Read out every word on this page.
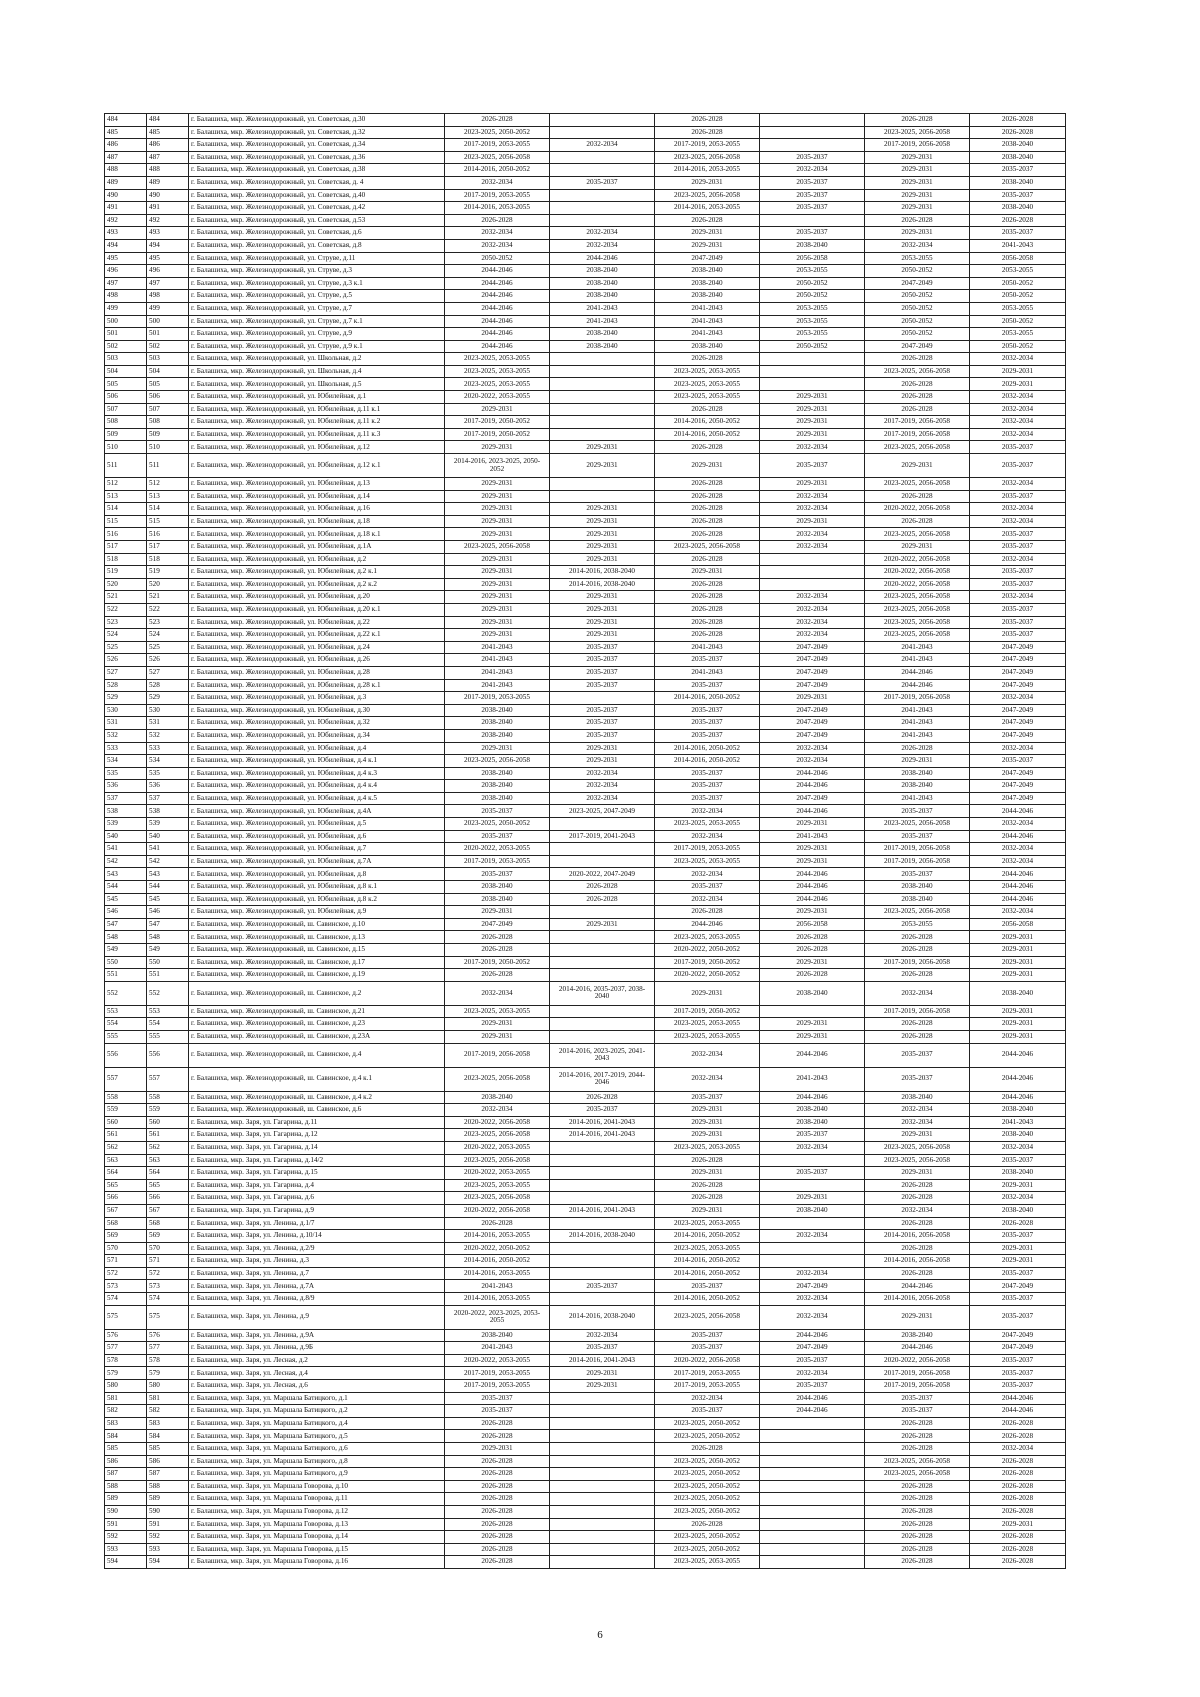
484	484	г. Балашиха, мкр. Железнодорожный, ул. Советская, д.30	2026-2028		2026-2028		2026-2028	2026-2028
485	485	г. Балашиха, мкр. Железнодорожный, ул. Советская, д.32	2023-2025, 2050-2052		2026-2028		2023-2025, 2056-2058	2026-2028
486	486	г. Балашиха, мкр. Железнодорожный, ул. Советская, д.34	2017-2019, 2053-2055	2032-2034	2017-2019, 2053-2055		2017-2019, 2056-2058	2038-2040
487	487	г. Балашиха, мкр. Железнодорожный, ул. Советская, д.36	2023-2025, 2056-2058		2023-2025, 2056-2058	2035-2037	2029-2031	2038-2040
488	488	г. Балашиха, мкр. Железнодорожный, ул. Советская, д.38	2014-2016, 2050-2052		2014-2016, 2053-2055	2032-2034	2029-2031	2035-2037
489	489	г. Балашиха, мкр. Железнодорожный, ул. Советская, д. 4	2032-2034	2035-2037	2029-2031	2035-2037	2029-2031	2038-2040
490	490	г. Балашиха, мкр. Железнодорожный, ул. Советская, д.40	2017-2019, 2053-2055		2023-2025, 2056-2058	2035-2037	2029-2031	2035-2037
491	491	г. Балашиха, мкр. Железнодорожный, ул. Советская, д.42	2014-2016, 2053-2055		2014-2016, 2053-2055	2035-2037	2029-2031	2038-2040
492	492	г. Балашиха, мкр. Железнодорожный, ул. Советская, д.53	2026-2028		2026-2028		2026-2028	2026-2028
493	493	г. Балашиха, мкр. Железнодорожный, ул. Советская, д.6	2032-2034	2032-2034	2029-2031	2035-2037	2029-2031	2035-2037
494	494	г. Балашиха, мкр. Железнодорожный, ул. Советская, д.8	2032-2034	2032-2034	2029-2031	2038-2040	2032-2034	2041-2043
495	495	г. Балашиха, мкр. Железнодорожный, ул. Струве, д.11	2050-2052	2044-2046	2047-2049	2056-2058	2053-2055	2056-2058
496	496	г. Балашиха, мкр. Железнодорожный, ул. Струве, д.3	2044-2046	2038-2040	2038-2040	2053-2055	2050-2052	2053-2055
497	497	г. Балашиха, мкр. Железнодорожный, ул. Струве, д.3 к.1	2044-2046	2038-2040	2038-2040	2050-2052	2047-2049	2050-2052
498	498	г. Балашиха, мкр. Железнодорожный, ул. Струве, д.5	2044-2046	2038-2040	2038-2040	2050-2052	2050-2052	2050-2052
499	499	г. Балашиха, мкр. Железнодорожный, ул. Струве, д.7	2044-2046	2041-2043	2041-2043	2053-2055	2050-2052	2053-2055
500	500	г. Балашиха, мкр. Железнодорожный, ул. Струве, д.7 к.1	2044-2046	2041-2043	2041-2043	2053-2055	2050-2052	2050-2052
501	501	г. Балашиха, мкр. Железнодорожный, ул. Струве, д.9	2044-2046	2038-2040	2041-2043	2053-2055	2050-2052	2053-2055
502	502	г. Балашиха, мкр. Железнодорожный, ул. Струве, д.9 к.1	2044-2046	2038-2040	2038-2040	2050-2052	2047-2049	2050-2052
503	503	г. Балашиха, мкр. Железнодорожный, ул. Школьная, д.2	2023-2025, 2053-2055		2026-2028		2026-2028	2032-2034
504	504	г. Балашиха, мкр. Железнодорожный, ул. Школьная, д.4	2023-2025, 2053-2055		2023-2025, 2053-2055		2023-2025, 2056-2058	2029-2031
505	505	г. Балашиха, мкр. Железнодорожный, ул. Школьная, д.5	2023-2025, 2053-2055		2023-2025, 2053-2055		2026-2028	2029-2031
506	506	г. Балашиха, мкр. Железнодорожный, ул. Юбилейная, д.1	2020-2022, 2053-2055		2023-2025, 2053-2055	2029-2031	2026-2028	2032-2034
507	507	г. Балашиха, мкр. Железнодорожный, ул. Юбилейная, д.11 к.1	2029-2031		2026-2028	2029-2031	2026-2028	2032-2034
508	508	г. Балашиха, мкр. Железнодорожный, ул. Юбилейная, д.11 к.2	2017-2019, 2050-2052		2014-2016, 2050-2052	2029-2031	2017-2019, 2056-2058	2032-2034
509	509	г. Балашиха, мкр. Железнодорожный, ул. Юбилейная, д.11 к.3	2017-2019, 2050-2052		2014-2016, 2050-2052	2029-2031	2017-2019, 2056-2058	2032-2034
510	510	г. Балашиха, мкр. Железнодорожный, ул. Юбилейная, д.12	2029-2031	2029-2031	2026-2028	2032-2034	2023-2025, 2056-2058	2035-2037
511	511	г. Балашиха, мкр. Железнодорожный, ул. Юбилейная, д.12 к.1	2014-2016, 2023-2025, 2050-2052	2029-2031	2029-2031	2035-2037	2029-2031	2035-2037
512	512	г. Балашиха, мкр. Железнодорожный, ул. Юбилейная, д.13	2029-2031		2026-2028	2029-2031	2023-2025, 2056-2058	2032-2034
513	513	г. Балашиха, мкр. Железнодорожный, ул. Юбилейная, д.14	2029-2031		2026-2028	2032-2034	2026-2028	2035-2037
514	514	г. Балашиха, мкр. Железнодорожный, ул. Юбилейная, д.16	2029-2031	2029-2031	2026-2028	2032-2034	2020-2022, 2056-2058	2032-2034
515	515	г. Балашиха, мкр. Железнодорожный, ул. Юбилейная, д.18	2029-2031	2029-2031	2026-2028	2029-2031	2026-2028	2032-2034
516	516	г. Балашиха, мкр. Железнодорожный, ул. Юбилейная, д.18 к.1	2029-2031	2029-2031	2026-2028	2032-2034	2023-2025, 2056-2058	2035-2037
517	517	г. Балашиха, мкр. Железнодорожный, ул. Юбилейная, д.1А	2023-2025, 2056-2058	2029-2031	2023-2025, 2056-2058	2032-2034	2029-2031	2035-2037
518	518	г. Балашиха, мкр. Железнодорожный, ул. Юбилейная, д.2	2029-2031	2029-2031	2026-2028		2020-2022, 2056-2058	2032-2034
519	519	г. Балашиха, мкр. Железнодорожный, ул. Юбилейная, д.2 к.1	2029-2031	2014-2016, 2038-2040	2029-2031		2020-2022, 2056-2058	2035-2037
520	520	г. Балашиха, мкр. Железнодорожный, ул. Юбилейная, д.2 к.2	2029-2031	2014-2016, 2038-2040	2026-2028		2020-2022, 2056-2058	2035-2037
521	521	г. Балашиха, мкр. Железнодорожный, ул. Юбилейная, д.20	2029-2031	2029-2031	2026-2028	2032-2034	2023-2025, 2056-2058	2032-2034
522	522	г. Балашиха, мкр. Железнодорожный, ул. Юбилейная, д.20 к.1	2029-2031	2029-2031	2026-2028	2032-2034	2023-2025, 2056-2058	2035-2037
523	523	г. Балашиха, мкр. Железнодорожный, ул. Юбилейная, д.22	2029-2031	2029-2031	2026-2028	2032-2034	2023-2025, 2056-2058	2035-2037
524	524	г. Балашиха, мкр. Железнодорожный, ул. Юбилейная, д.22 к.1	2029-2031	2029-2031	2026-2028	2032-2034	2023-2025, 2056-2058	2035-2037
525	525	г. Балашиха, мкр. Железнодорожный, ул. Юбилейная, д.24	2041-2043	2035-2037	2041-2043	2047-2049	2041-2043	2047-2049
526	526	г. Балашиха, мкр. Железнодорожный, ул. Юбилейная, д.26	2041-2043	2035-2037	2035-2037	2047-2049	2041-2043	2047-2049
527	527	г. Балашиха, мкр. Железнодорожный, ул. Юбилейная, д.28	2041-2043	2035-2037	2041-2043	2047-2049	2044-2046	2047-2049
528	528	г. Балашиха, мкр. Железнодорожный, ул. Юбилейная, д.28 к.1	2041-2043	2035-2037	2035-2037	2047-2049	2044-2046	2047-2049
529	529	г. Балашиха, мкр. Железнодорожный, ул. Юбилейная, д.3	2017-2019, 2053-2055		2014-2016, 2050-2052	2029-2031	2017-2019, 2056-2058	2032-2034
530	530	г. Балашиха, мкр. Железнодорожный, ул. Юбилейная, д.30	2038-2040	2035-2037	2035-2037	2047-2049	2041-2043	2047-2049
531	531	г. Балашиха, мкр. Железнодорожный, ул. Юбилейная, д.32	2038-2040	2035-2037	2035-2037	2047-2049	2041-2043	2047-2049
532	532	г. Балашиха, мкр. Железнодорожный, ул. Юбилейная, д.34	2038-2040	2035-2037	2035-2037	2047-2049	2041-2043	2047-2049
533	533	г. Балашиха, мкр. Железнодорожный, ул. Юбилейная, д.4	2029-2031	2029-2031	2014-2016, 2050-2052	2032-2034	2026-2028	2032-2034
534	534	г. Балашиха, мкр. Железнодорожный, ул. Юбилейная, д.4 к.1	2023-2025, 2056-2058	2029-2031	2014-2016, 2050-2052	2032-2034	2029-2031	2035-2037
535	535	г. Балашиха, мкр. Железнодорожный, ул. Юбилейная, д.4 к.3	2038-2040	2032-2034	2035-2037	2044-2046	2038-2040	2047-2049
536	536	г. Балашиха, мкр. Железнодорожный, ул. Юбилейная, д.4 к.4	2038-2040	2032-2034	2035-2037	2044-2046	2038-2040	2047-2049
537	537	г. Балашиха, мкр. Железнодорожный, ул. Юбилейная, д.4 к.5	2038-2040	2032-2034	2035-2037	2047-2049	2041-2043	2047-2049
538	538	г. Балашиха, мкр. Железнодорожный, ул. Юбилейная, д.4А	2035-2037	2023-2025, 2047-2049	2032-2034	2044-2046	2035-2037	2044-2046
539	539	г. Балашиха, мкр. Железнодорожный, ул. Юбилейная, д.5	2023-2025, 2050-2052		2023-2025, 2053-2055	2029-2031	2023-2025, 2056-2058	2032-2034
540	540	г. Балашиха, мкр. Железнодорожный, ул. Юбилейная, д.6	2035-2037	2017-2019, 2041-2043	2032-2034	2041-2043	2035-2037	2044-2046
541	541	г. Балашиха, мкр. Железнодорожный, ул. Юбилейная, д.7	2020-2022, 2053-2055		2017-2019, 2053-2055	2029-2031	2017-2019, 2056-2058	2032-2034
542	542	г. Балашиха, мкр. Железнодорожный, ул. Юбилейная, д.7А	2017-2019, 2053-2055		2023-2025, 2053-2055	2029-2031	2017-2019, 2056-2058	2032-2034
543	543	г. Балашиха, мкр. Железнодорожный, ул. Юбилейная, д.8	2035-2037	2020-2022, 2047-2049	2032-2034	2044-2046	2035-2037	2044-2046
544	544	г. Балашиха, мкр. Железнодорожный, ул. Юбилейная, д.8 к.1	2038-2040	2026-2028	2035-2037	2044-2046	2038-2040	2044-2046
545	545	г. Балашиха, мкр. Железнодорожный, ул. Юбилейная, д.8 к.2	2038-2040	2026-2028	2032-2034	2044-2046	2038-2040	2044-2046
546	546	г. Балашиха, мкр. Железнодорожный, ул. Юбилейная, д.9	2029-2031		2026-2028	2029-2031	2023-2025, 2056-2058	2032-2034
547	547	г. Балашиха, мкр. Железнодорожный, ш. Савинское, д.10	2047-2049	2029-2031	2044-2046	2056-2058	2053-2055	2056-2058
548	548	г. Балашиха, мкр. Железнодорожный, ш. Савинское, д.13	2026-2028		2023-2025, 2053-2055	2026-2028	2026-2028	2029-2031
549	549	г. Балашиха, мкр. Железнодорожный, ш. Савинское, д.15	2026-2028		2020-2022, 2050-2052	2026-2028	2026-2028	2029-2031
550	550	г. Балашиха, мкр. Железнодорожный, ш. Савинское, д.17	2017-2019, 2050-2052		2017-2019, 2050-2052	2029-2031	2017-2019, 2056-2058	2029-2031
551	551	г. Балашиха, мкр. Железнодорожный, ш. Савинское, д.19	2026-2028		2020-2022, 2050-2052	2026-2028	2026-2028	2029-2031
552	552	г. Балашиха, мкр. Железнодорожный, ш. Савинское, д.2	2032-2034	2014-2016, 2035-2037, 2038-2040	2029-2031	2038-2040	2032-2034	2038-2040
553	553	г. Балашиха, мкр. Железнодорожный, ш. Савинское, д.21	2023-2025, 2053-2055		2017-2019, 2050-2052		2017-2019, 2056-2058	2029-2031
554	554	г. Балашиха, мкр. Железнодорожный, ш. Савинское, д.23	2029-2031		2023-2025, 2053-2055	2029-2031	2026-2028	2029-2031
555	555	г. Балашиха, мкр. Железнодорожный, ш. Савинское, д.23А	2029-2031		2023-2025, 2053-2055	2029-2031	2026-2028	2029-2031
556	556	г. Балашиха, мкр. Железнодорожный, ш. Савинское, д.4	2017-2019, 2056-2058	2014-2016, 2023-2025, 2041-2043	2032-2034	2044-2046	2035-2037	2044-2046
557	557	г. Балашиха, мкр. Железнодорожный, ш. Савинское, д.4 к.1	2023-2025, 2056-2058	2014-2016, 2017-2019, 2044-2046	2032-2034	2041-2043	2035-2037	2044-2046
558	558	г. Балашиха, мкр. Железнодорожный, ш. Савинское, д.4 к.2	2038-2040	2026-2028	2035-2037	2044-2046	2038-2040	2044-2046
559	559	г. Балашиха, мкр. Железнодорожный, ш. Савинское, д.6	2032-2034	2035-2037	2029-2031	2038-2040	2032-2034	2038-2040
560	560	г. Балашиха, мкр. Заря, ул. Гагарина, д.11	2020-2022, 2056-2058	2014-2016, 2041-2043	2029-2031	2038-2040	2032-2034	2041-2043
561	561	г. Балашиха, мкр. Заря, ул. Гагарина, д.12	2023-2025, 2056-2058	2014-2016, 2041-2043	2029-2031	2035-2037	2029-2031	2038-2040
562	562	г. Балашиха, мкр. Заря, ул. Гагарина, д.14	2020-2022, 2053-2055		2023-2025, 2053-2055	2032-2034	2023-2025, 2056-2058	2032-2034
563	563	г. Балашиха, мкр. Заря, ул. Гагарина, д.14/2	2023-2025, 2056-2058		2026-2028		2023-2025, 2056-2058	2035-2037
564	564	г. Балашиха, мкр. Заря, ул. Гагарина, д.15	2020-2022, 2053-2055		2029-2031	2035-2037	2029-2031	2038-2040
565	565	г. Балашиха, мкр. Заря, ул. Гагарина, д.4	2023-2025, 2053-2055		2026-2028		2026-2028	2029-2031
566	566	г. Балашиха, мкр. Заря, ул. Гагарина, д.6	2023-2025, 2056-2058		2026-2028	2029-2031	2026-2028	2032-2034
567	567	г. Балашиха, мкр. Заря, ул. Гагарина, д.9	2020-2022, 2056-2058	2014-2016, 2041-2043	2029-2031	2038-2040	2032-2034	2038-2040
568	568	г. Балашиха, мкр. Заря, ул. Ленина, д.1/7	2026-2028		2023-2025, 2053-2055		2026-2028	2026-2028
569	569	г. Балашиха, мкр. Заря, ул. Ленина, д.10/14	2014-2016, 2053-2055	2014-2016, 2038-2040	2014-2016, 2050-2052	2032-2034	2014-2016, 2056-2058	2035-2037
570	570	г. Балашиха, мкр. Заря, ул. Ленина, д.2/9	2020-2022, 2050-2052		2023-2025, 2053-2055		2026-2028	2029-2031
571	571	г. Балашиха, мкр. Заря, ул. Ленина, д.3	2014-2016, 2050-2052		2014-2016, 2050-2052		2014-2016, 2056-2058	2029-2031
572	572	г. Балашиха, мкр. Заря, ул. Ленина, д.7	2014-2016, 2053-2055		2014-2016, 2050-2052	2032-2034	2026-2028	2035-2037
573	573	г. Балашиха, мкр. Заря, ул. Ленина, д.7А	2041-2043	2035-2037	2035-2037	2047-2049	2044-2046	2047-2049
574	574	г. Балашиха, мкр. Заря, ул. Ленина, д.8/9	2014-2016, 2053-2055		2014-2016, 2050-2052	2032-2034	2014-2016, 2056-2058	2035-2037
575	575	г. Балашиха, мкр. Заря, ул. Ленина, д.9	2020-2022, 2023-2025, 2053-2055	2014-2016, 2038-2040	2023-2025, 2056-2058	2032-2034	2029-2031	2035-2037
576	576	г. Балашиха, мкр. Заря, ул. Ленина, д.9А	2038-2040	2032-2034	2035-2037	2044-2046	2038-2040	2047-2049
577	577	г. Балашиха, мкр. Заря, ул. Ленина, д.9Б	2041-2043	2035-2037	2035-2037	2047-2049	2044-2046	2047-2049
578	578	г. Балашиха, мкр. Заря, ул. Лесная, д.2	2020-2022, 2053-2055	2014-2016, 2041-2043	2020-2022, 2056-2058	2035-2037	2020-2022, 2056-2058	2035-2037
579	579	г. Балашиха, мкр. Заря, ул. Лесная, д.4	2017-2019, 2053-2055	2029-2031	2017-2019, 2053-2055	2032-2034	2017-2019, 2056-2058	2035-2037
580	580	г. Балашиха, мкр. Заря, ул. Лесная, д.6	2017-2019, 2053-2055	2029-2031	2017-2019, 2053-2055	2035-2037	2017-2019, 2056-2058	2035-2037
581	581	г. Балашиха, мкр. Заря, ул. Маршала Батицкого, д.1	2035-2037		2032-2034	2044-2046	2035-2037	2044-2046
582	582	г. Балашиха, мкр. Заря, ул. Маршала Батицкого, д.2	2035-2037		2035-2037	2044-2046	2035-2037	2044-2046
583	583	г. Балашиха, мкр. Заря, ул. Маршала Батицкого, д.4	2026-2028		2023-2025, 2050-2052		2026-2028	2026-2028
584	584	г. Балашиха, мкр. Заря, ул. Маршала Батицкого, д.5	2026-2028		2023-2025, 2050-2052		2026-2028	2026-2028
585	585	г. Балашиха, мкр. Заря, ул. Маршала Батицкого, д.6	2029-2031		2026-2028		2026-2028	2032-2034
586	586	г. Балашиха, мкр. Заря, ул. Маршала Батицкого, д.8	2026-2028		2023-2025, 2050-2052		2023-2025, 2056-2058	2026-2028
587	587	г. Балашиха, мкр. Заря, ул. Маршала Батицкого, д.9	2026-2028		2023-2025, 2050-2052		2023-2025, 2056-2058	2026-2028
588	588	г. Балашиха, мкр. Заря, ул. Маршала Говорова, д.10	2026-2028		2023-2025, 2050-2052		2026-2028	2026-2028
589	589	г. Балашиха, мкр. Заря, ул. Маршала Говорова, д.11	2026-2028		2023-2025, 2050-2052		2026-2028	2026-2028
590	590	г. Балашиха, мкр. Заря, ул. Маршала Говорова, д.12	2026-2028		2023-2025, 2050-2052		2026-2028	2026-2028
591	591	г. Балашиха, мкр. Заря, ул. Маршала Говорова, д.13	2026-2028		2026-2028		2026-2028	2029-2031
592	592	г. Балашиха, мкр. Заря, ул. Маршала Говорова, д.14	2026-2028		2023-2025, 2050-2052		2026-2028	2026-2028
593	593	г. Балашиха, мкр. Заря, ул. Маршала Говорова, д.15	2026-2028		2023-2025, 2050-2052		2026-2028	2026-2028
594	594	г. Балашиха, мкр. Заря, ул. Маршала Говорова, д.16	2026-2028		2023-2025, 2053-2055		2026-2028	2026-2028
6
